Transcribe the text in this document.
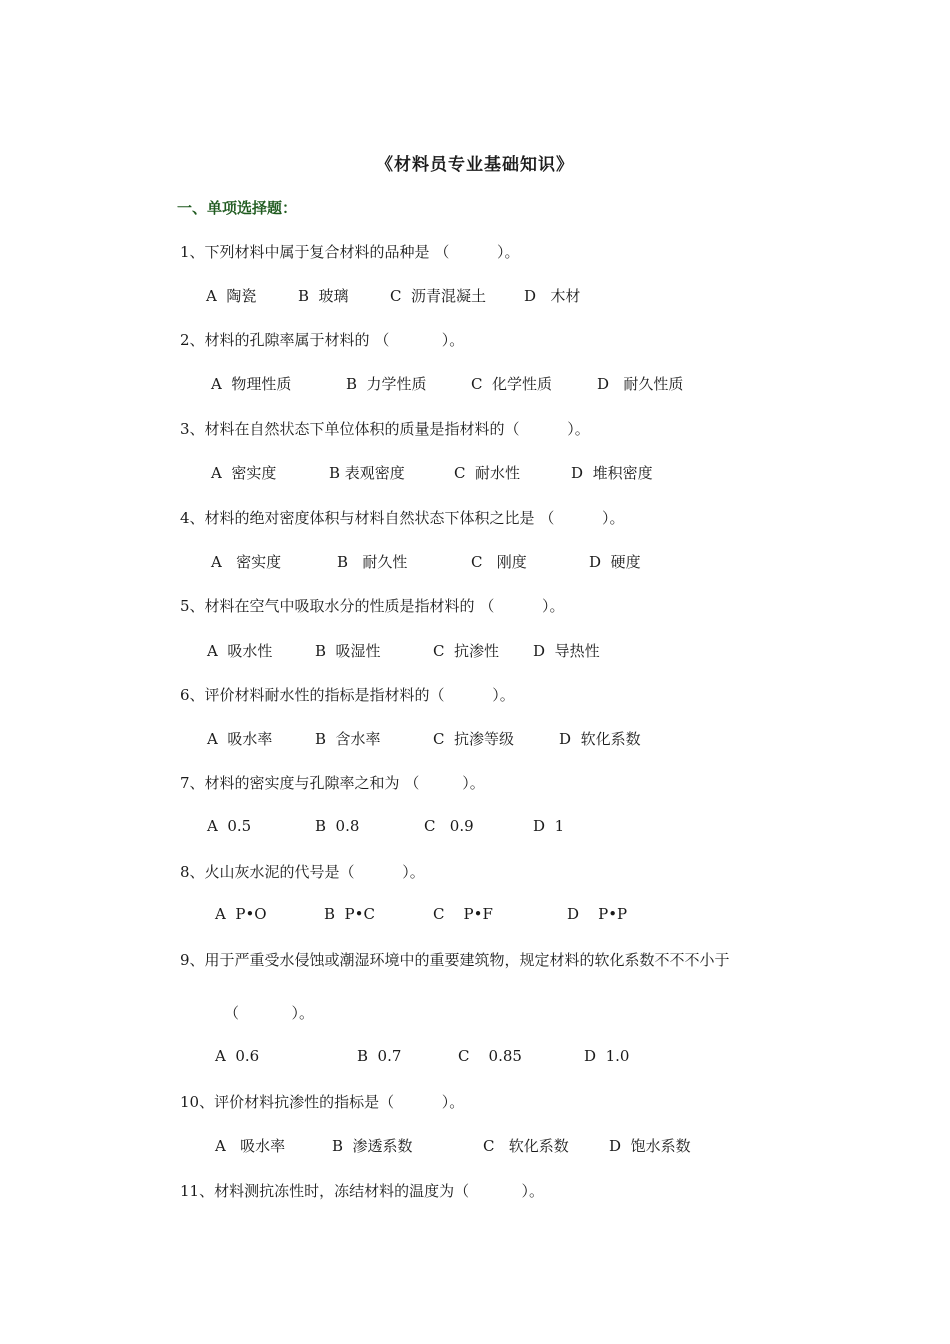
《材料员专业基础知识》
一、单项选择题：
1、下列材料中属于复合材料的品种是 （          ）。

A  陶瓷

	B  玻璃

	C  沥青混凝土

	D   木材

2、材料的孔隙率属于材料的 （           ）。

A  物理性质

	B  力学性质

	C  化学性质

	D   耐久性质

3、材料在自然状态下单位体积的质量是指材料的（          ）。

A  密实度

	B 表观密度

	C  耐水性

	D  堆积密度

4、材料的绝对密度体积与材料自然状态下体积之比是 （          ）。

A   密实度

	B   耐久性

	C   刚度

	D  硬度

5、材料在空气中吸取水分的性质是指材料的 （          ）。

A  吸水性

	B  吸湿性

	C  抗渗性

D  导热性

6、评价材料耐水性的指标是指材料的（          ）。

A  吸水率

	B  含水率

	C  抗渗等级

	D  软化系数

7、材料的密实度与孔隙率之和为 （         ）。

A  0.5

	B  0.8

	C   0.9

	D  1

8、火山灰水泥的代号是（          ）。

A  P•O

	B  P•C

	C    P•F

	D    P•P

9、用于严重受水侵蚀或潮湿环境中的重要建筑物，规定材料的软化系数不不不小于
（           ）。

A  0.6

	B  0.7

	C    0.85

	D  1.0

10、评价材料抗渗性的指标是（          ）。

A   吸水率

	B  渗透系数

	C   软化系数

	D  饱水系数

11、材料测抗冻性时，冻结材料的温度为（           ）。
